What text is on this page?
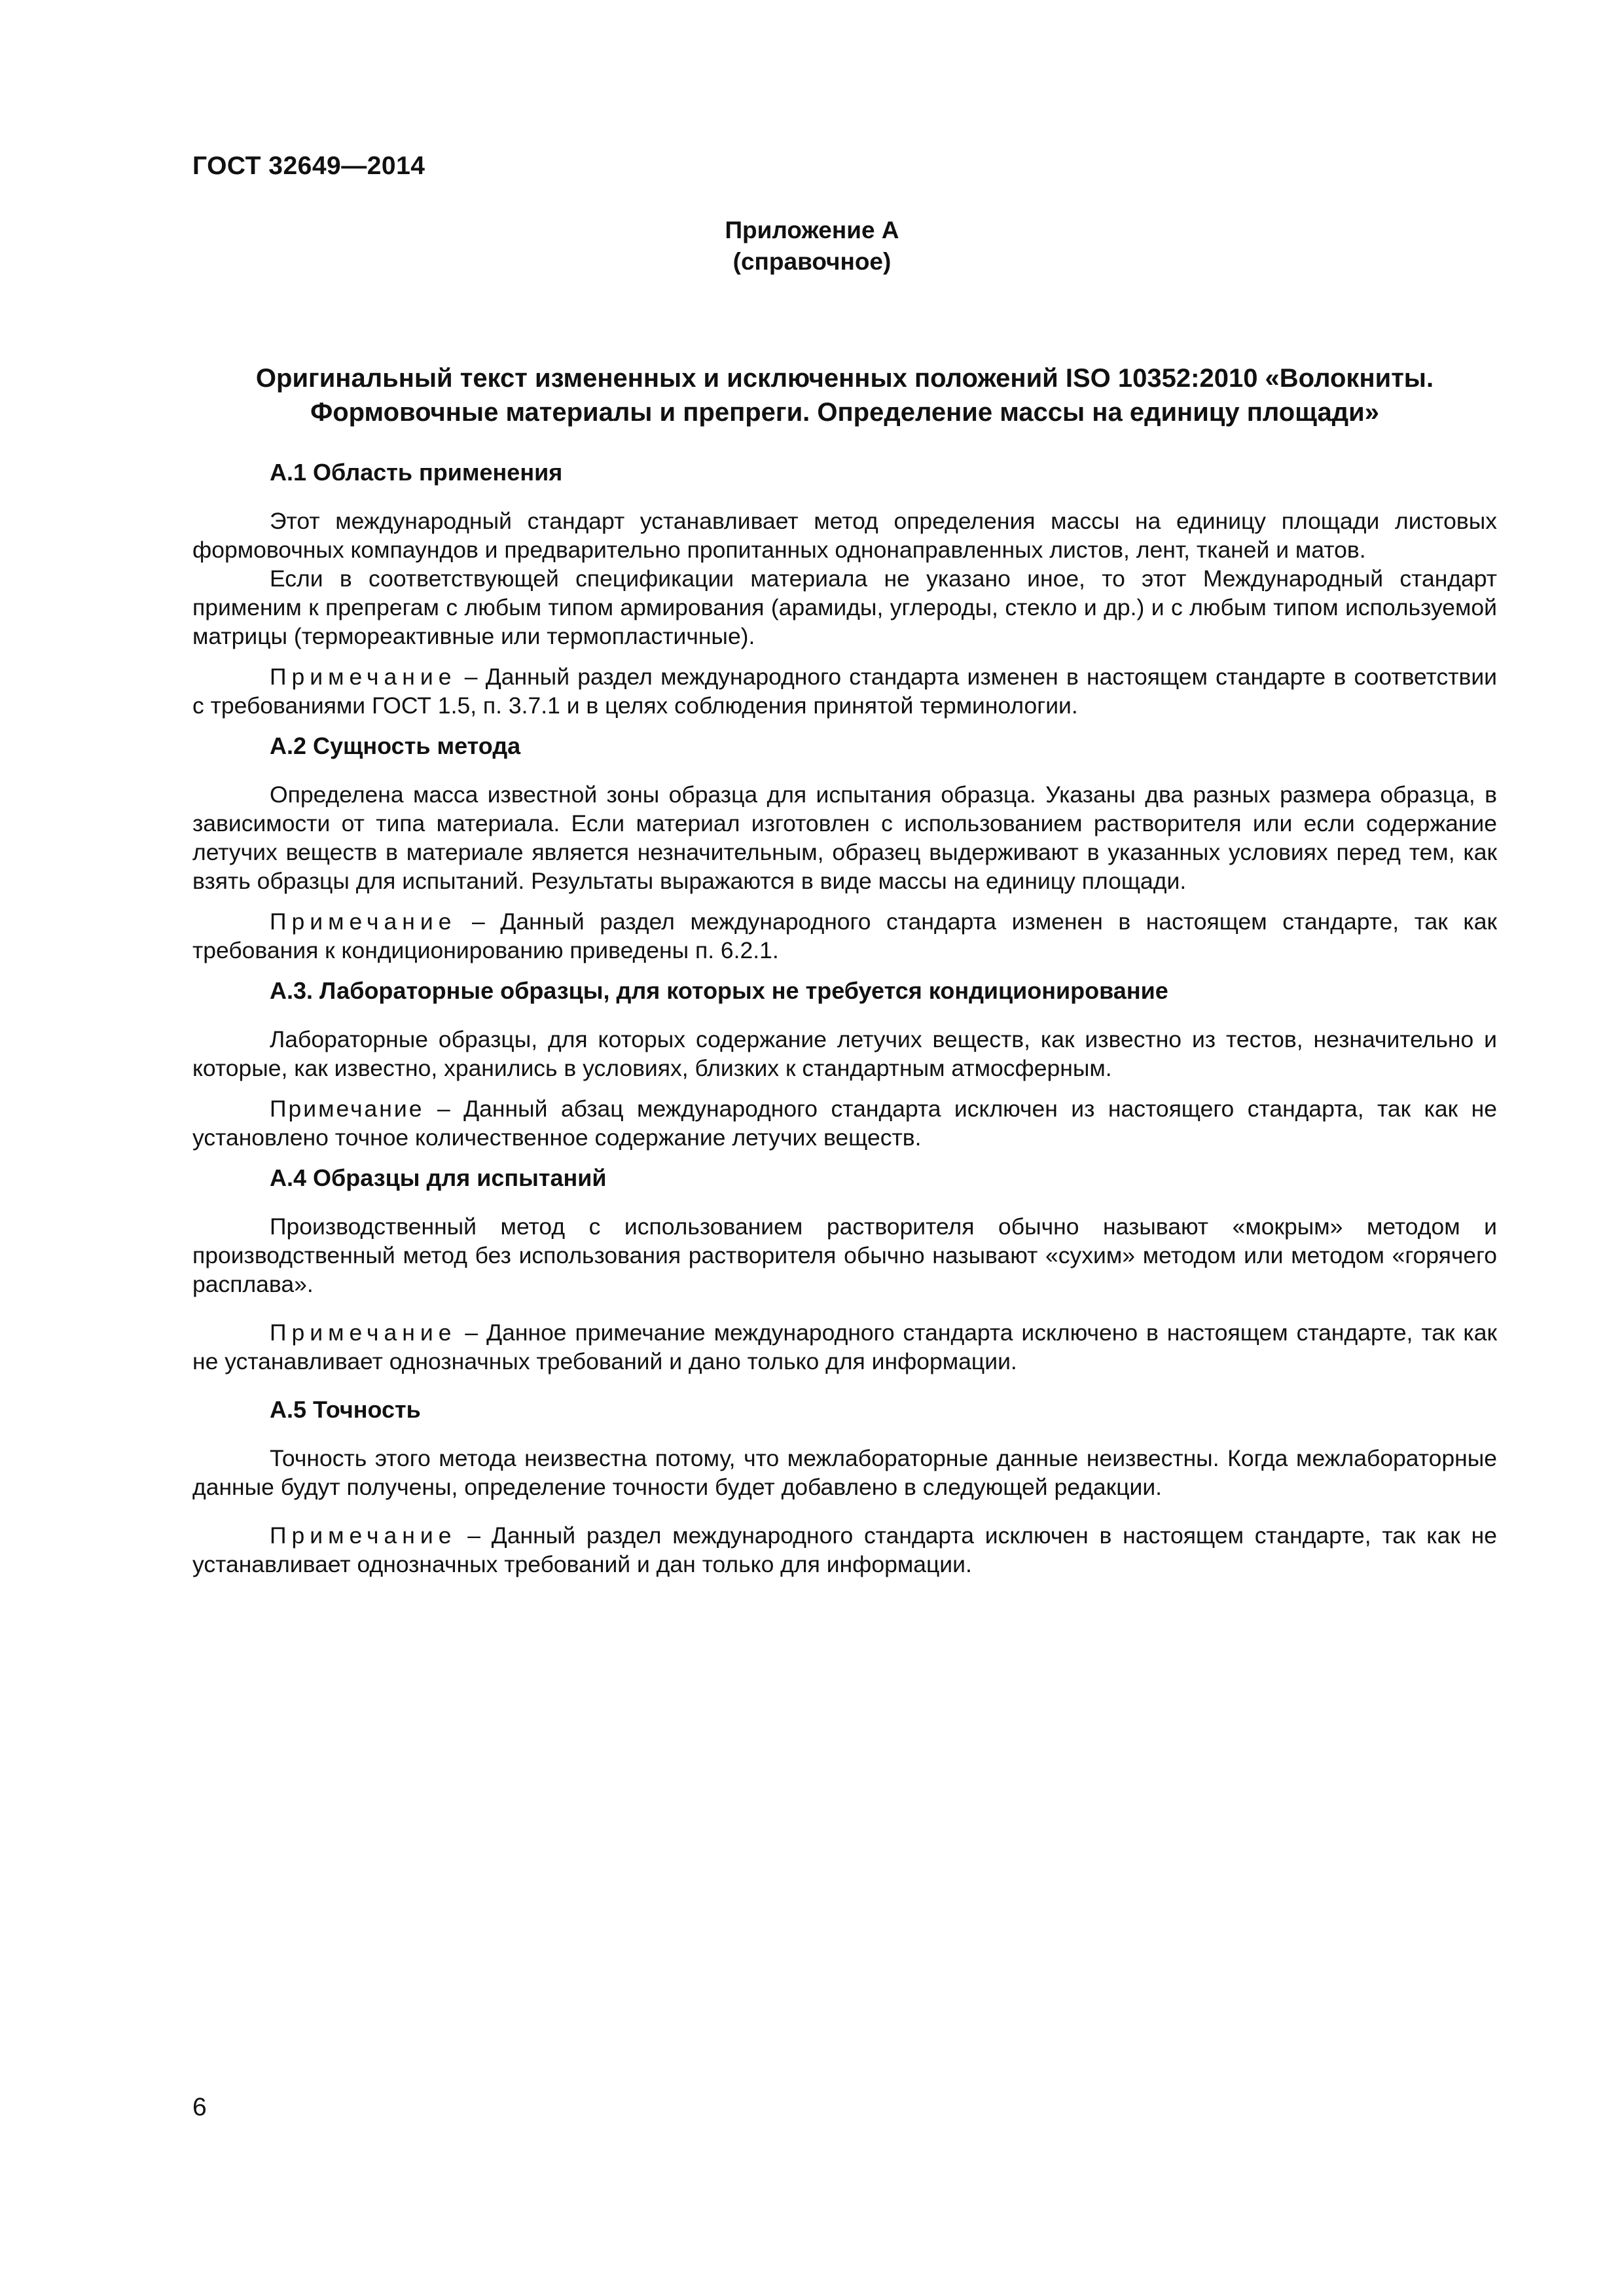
ГОСТ 32649—2014
Приложение А
(справочное)
Оригинальный текст измененных и исключенных положений ISO 10352:2010 «Волокниты.
Формовочные материалы и препреги. Определение массы на единицу площади»
А.1 Область применения

Этот международный стандарт устанавливает метод определения массы на единицу площади листовых формовочных компаундов и предварительно пропитанных однонаправленных листов, лент, тканей и матов.

Если в соответствующей спецификации материала не указано иное, то этот Международный стандарт применим к препрегам с любым типом армирования (арамиды, углероды, стекло и др.) и с любым типом используемой матрицы (термореактивные или термопластичные).

Примечание – Данный раздел международного стандарта изменен в настоящем стандарте в соответствии с требованиями ГОСТ 1.5, п. 3.7.1 и в целях соблюдения принятой терминологии.

А.2 Сущность метода

Определена масса известной зоны образца для испытания образца. Указаны два разных размера образца, в зависимости от типа материала. Если материал изготовлен с использованием растворителя или если содержание летучих веществ в материале является незначительным, образец выдерживают в указанных условиях перед тем, как взять образцы для испытаний. Результаты выражаются в виде массы на единицу площади.

Примечание – Данный раздел международного стандарта изменен в настоящем стандарте, так как требования к кондиционированию приведены п. 6.2.1.

А.3. Лабораторные образцы, для которых не требуется кондиционирование

Лабораторные образцы, для которых содержание летучих веществ, как известно из тестов, незначительно и которые, как известно, хранились в условиях, близких к стандартным атмосферным.

Примечание – Данный абзац международного стандарта исключен из настоящего стандарта, так как не установлено точное количественное содержание летучих веществ.

А.4 Образцы для испытаний

Производственный метод с использованием растворителя обычно называют «мокрым» методом и производственный метод без использования растворителя обычно называют «сухим» методом или методом «горячего расплава».

Примечание – Данное примечание международного стандарта исключено в настоящем стандарте, так как не устанавливает однозначных требований и дано только для информации.

А.5 Точность

Точность этого метода неизвестна потому, что межлабораторные данные неизвестны. Когда межлабораторные данные будут получены, определение точности будет добавлено в следующей редакции.

Примечание – Данный раздел международного стандарта исключен в настоящем стандарте, так как не устанавливает однозначных требований и дан только для информации.

6
